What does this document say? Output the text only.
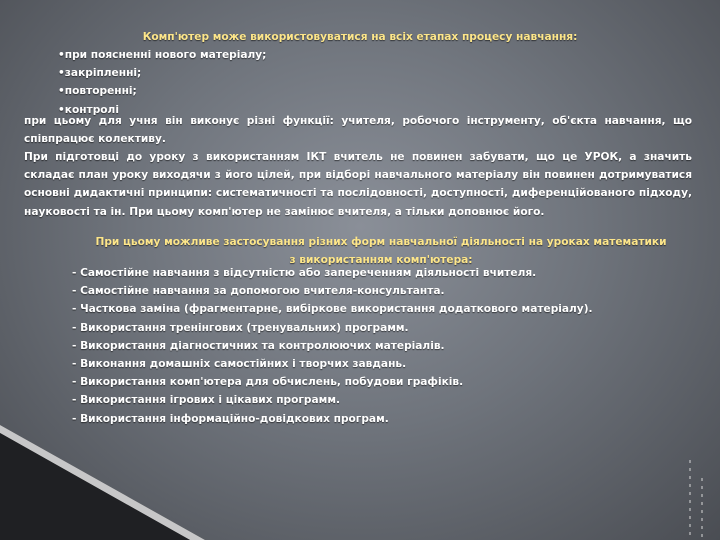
Комп'ютер може використовуватися на всіх етапах процесу навчання:
•при поясненні нового матеріалу;
•закріпленні;
•повторенні;
•контролі
при цьому для учня він виконує різні функції: учителя, робочого інструменту, об'єкта навчання, що співпрацює колективу.
При підготовці до уроку з використанням ІКТ вчитель не повинен забувати, що це УРОК, а значить складає план уроку виходячи з його цілей, при відборі навчального матеріалу він повинен дотримуватися основні дидактичні принципи: систематичності та послідовності, доступності, диференційованого підходу, науковості та ін. При цьому комп'ютер не замінює вчителя, а тільки доповнює його.
При цьому можливе застосування різних форм навчальної діяльності на уроках математики
з використанням комп'ютера:
- Самостійне навчання з відсутністю або запереченням діяльності вчителя.
- Самостійне навчання за допомогою вчителя-консультанта.
- Часткова заміна (фрагментарне, вибіркове використання додаткового матеріалу).
- Використання тренінгових (тренувальних) программ.
- Використання діагностичних та контролюючих матеріалів.
- Виконання домашніх самостійних і творчих завдань.
- Використання комп'ютера для обчислень, побудови графіків.
- Використання ігрових і цікавих программ.
- Використання інформаційно-довідкових програм.
